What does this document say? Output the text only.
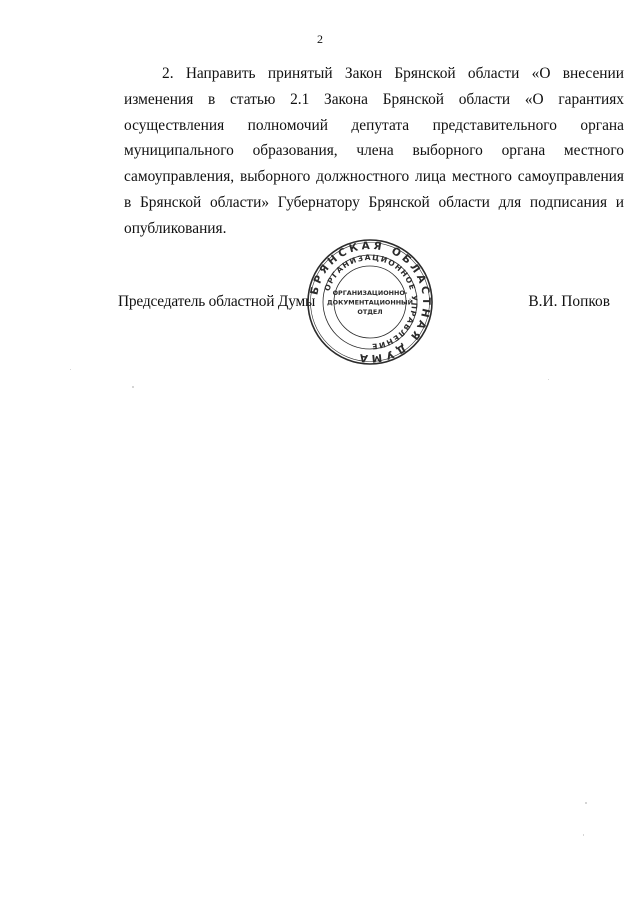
2

2. Направить принятый Закон Брянской области «О внесении изменения в статью 2.1 Закона Брянской области «О гарантиях осуществления полномочий депутата представительного органа муниципального образования, члена выборного органа местного самоуправления, выборного должностного лица местного самоуправления в Брянской области» Губернатору Брянской области для подписания и опубликования.

Председатель областной Думы	В.И. Попков
БРЯНСКАЯ ОБЛАСТНАЯ ДУМА
ОРГАНИЗАЦИОННОЕ УПРАВЛЕНИЕ
ОРГАНИЗАЦИОННО-
ДОКУМЕНТАЦИОННЫЙ
ОТДЕЛ
